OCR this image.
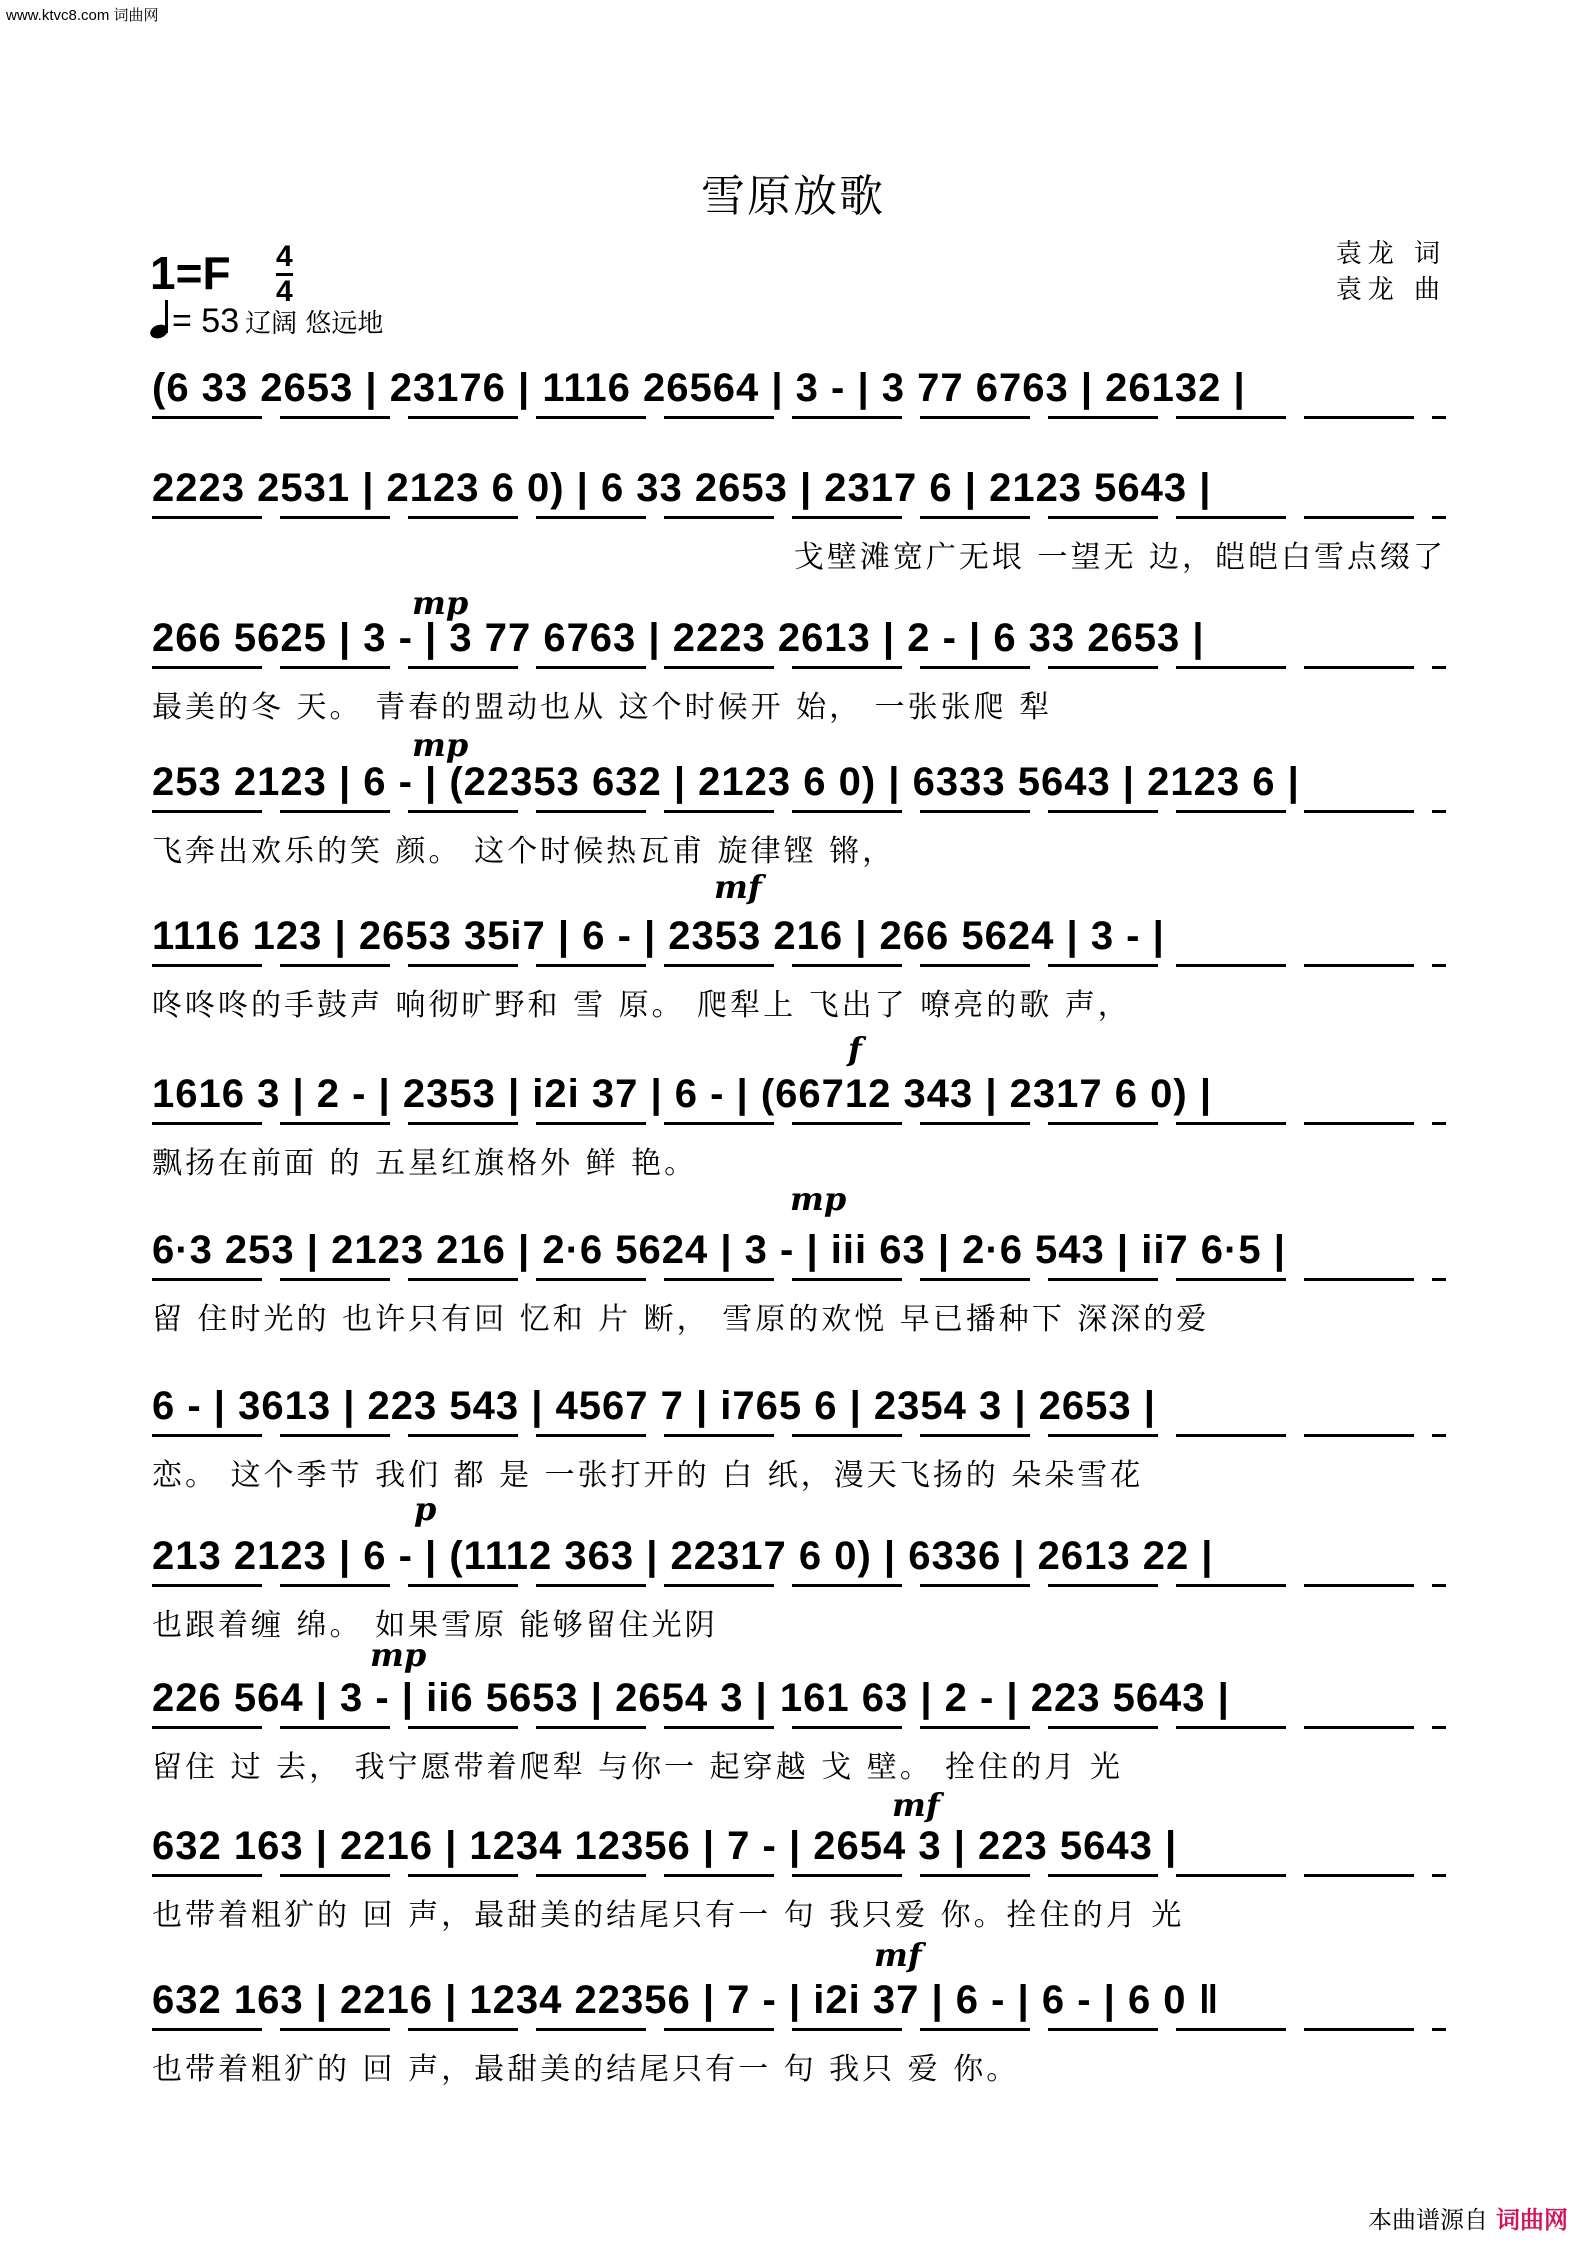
www.ktvc8.com 词曲网
雪原放歌
1=F 4
4
= 53 辽阔 悠远地
袁龙 词
袁龙 曲
(6 33 2653 | 23176 | 1116 26564 | 3 - | 3 77 6763 | 26132 |
2223 2531 | 2123 6 0) | 6 33 2653 | 2317 6 | 2123 5643 |
戈壁滩宽广无垠 一望无 边，皑皑白雪点缀了
266 5625 | 3 - | 3 77 6763 | 2223 2613 | 2 - | 6 33 2653 |
最美的冬 天。 青春的盟动也从 这个时候开 始， 一张张爬 犁
253 2123 | 6 - | (22353 632 | 2123 6 0) | 6333 5643 | 2123 6 |
飞奔出欢乐的笑 颜。 这个时候热瓦甫 旋律铿 锵，
1116 123 | 2653 35i7 | 6 - | 2353 216 | 266 5624 | 3 - |
咚咚咚的手鼓声 响彻旷野和 雪 原。 爬犁上 飞出了 嘹亮的歌 声，
1616 3 | 2 - | 2353 | i2i 37 | 6 - | (66712 343 | 2317 6 0) |
飘扬在前面 的 五星红旗格外 鲜 艳。
6·3 253 | 2123 216 | 2·6 5624 | 3 - | iii 63 | 2·6 543 | ii7 6·5 |
留 住时光的 也许只有回 忆和 片 断， 雪原的欢悦 早已播种下 深深的爱
6 - | 3613 | 223 543 | 4567 7 | i765 6 | 2354 3 | 2653 |
恋。 这个季节 我们 都 是 一张打开的 白 纸，漫天飞扬的 朵朵雪花
213 2123 | 6 - | (1112 363 | 22317 6 0) | 6336 | 2613 22 |
也跟着缠 绵。 如果雪原 能够留住光阴
226 564 | 3 - | ii6 5653 | 2654 3 | 161 63 | 2 - | 223 5643 |
留住 过 去， 我宁愿带着爬犁 与你一 起穿越 戈 壁。 拴住的月 光
632 163 | 2216 | 1234 12356 | 7 - | 2654 3 | 223 5643 |
也带着粗犷的 回 声，最甜美的结尾只有一 句 我只爱 你。拴住的月 光
632 163 | 2216 | 1234 22356 | 7 - | i2i 37 | 6 - | 6 - | 6 0 ‖
也带着粗犷的 回 声，最甜美的结尾只有一 句 我只 爱 你。
mp
mp
mf
f
mp
p
mp
mf
mf
本曲谱源自 词曲网
